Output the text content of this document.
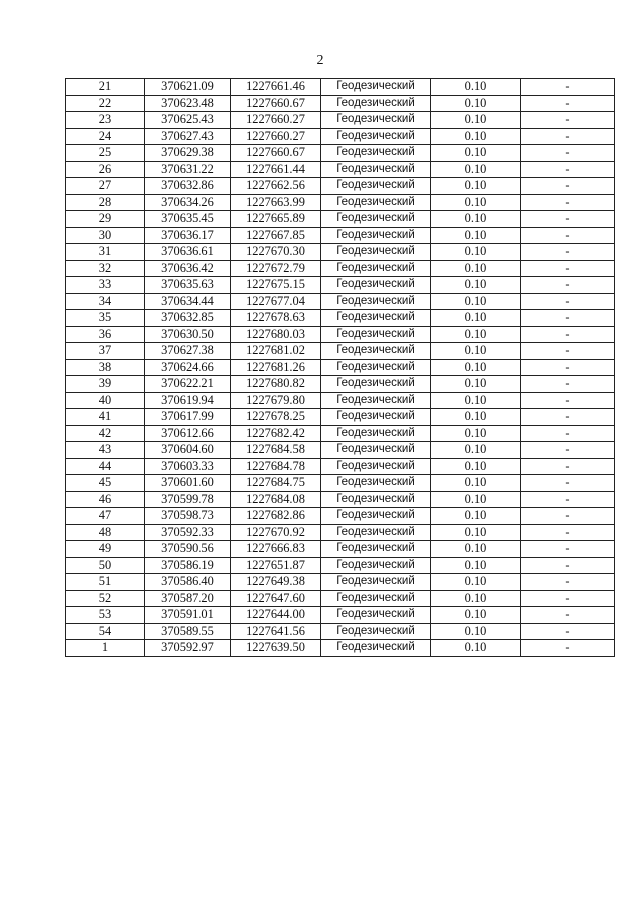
2
21	370621.09	1227661.46	Геодезический	0.10	-
22	370623.48	1227660.67	Геодезический	0.10	-
23	370625.43	1227660.27	Геодезический	0.10	-
24	370627.43	1227660.27	Геодезический	0.10	-
25	370629.38	1227660.67	Геодезический	0.10	-
26	370631.22	1227661.44	Геодезический	0.10	-
27	370632.86	1227662.56	Геодезический	0.10	-
28	370634.26	1227663.99	Геодезический	0.10	-
29	370635.45	1227665.89	Геодезический	0.10	-
30	370636.17	1227667.85	Геодезический	0.10	-
31	370636.61	1227670.30	Геодезический	0.10	-
32	370636.42	1227672.79	Геодезический	0.10	-
33	370635.63	1227675.15	Геодезический	0.10	-
34	370634.44	1227677.04	Геодезический	0.10	-
35	370632.85	1227678.63	Геодезический	0.10	-
36	370630.50	1227680.03	Геодезический	0.10	-
37	370627.38	1227681.02	Геодезический	0.10	-
38	370624.66	1227681.26	Геодезический	0.10	-
39	370622.21	1227680.82	Геодезический	0.10	-
40	370619.94	1227679.80	Геодезический	0.10	-
41	370617.99	1227678.25	Геодезический	0.10	-
42	370612.66	1227682.42	Геодезический	0.10	-
43	370604.60	1227684.58	Геодезический	0.10	-
44	370603.33	1227684.78	Геодезический	0.10	-
45	370601.60	1227684.75	Геодезический	0.10	-
46	370599.78	1227684.08	Геодезический	0.10	-
47	370598.73	1227682.86	Геодезический	0.10	-
48	370592.33	1227670.92	Геодезический	0.10	-
49	370590.56	1227666.83	Геодезический	0.10	-
50	370586.19	1227651.87	Геодезический	0.10	-
51	370586.40	1227649.38	Геодезический	0.10	-
52	370587.20	1227647.60	Геодезический	0.10	-
53	370591.01	1227644.00	Геодезический	0.10	-
54	370589.55	1227641.56	Геодезический	0.10	-
1	370592.97	1227639.50	Геодезический	0.10	-
